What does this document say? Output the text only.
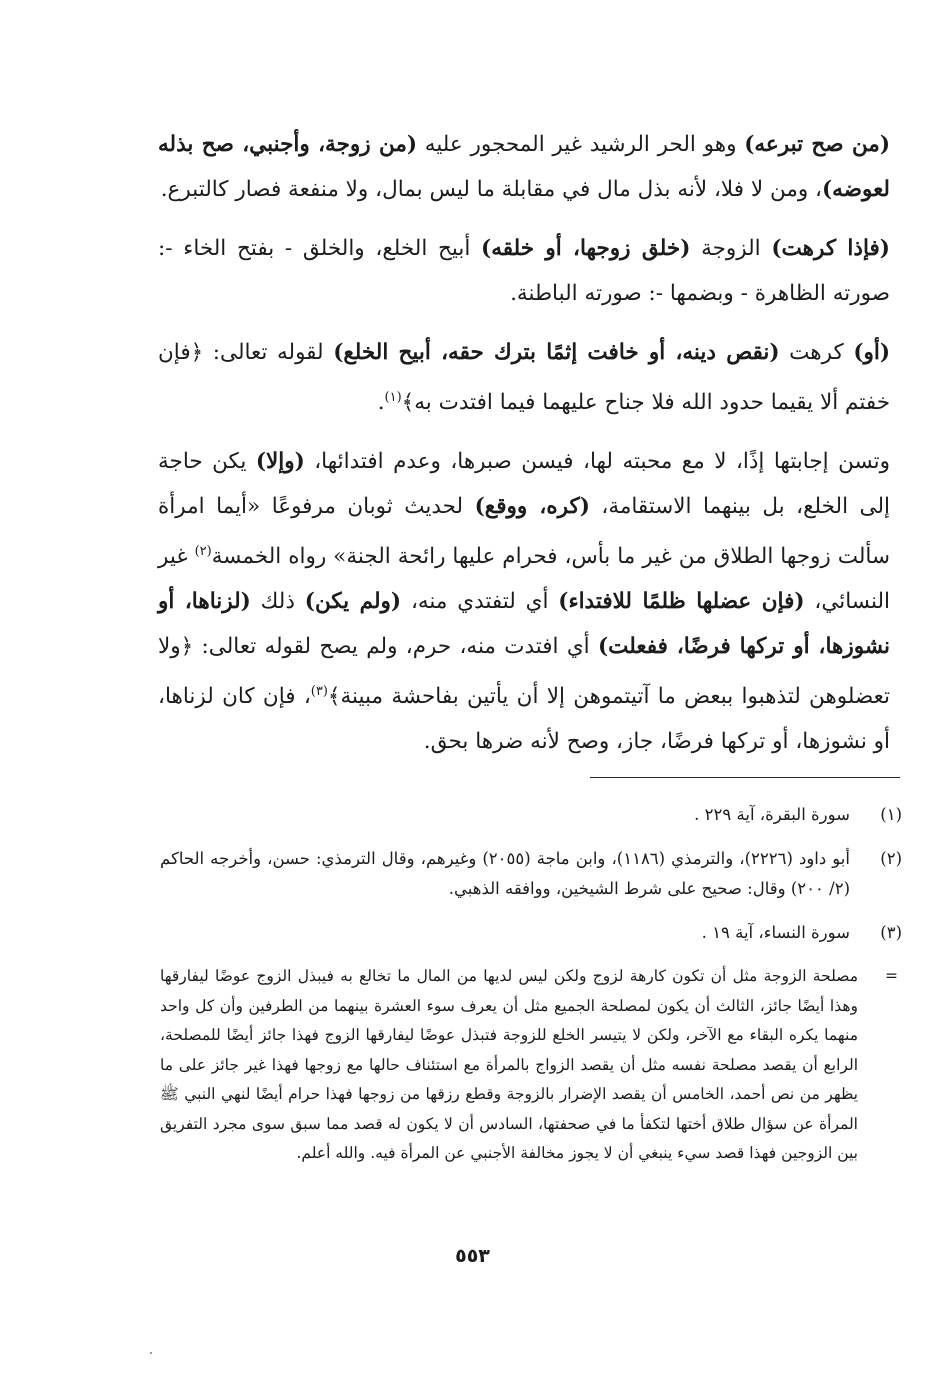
(من صح تبرعه) وهو الحر الرشيد غير المحجور عليه (من زوجة، وأجنبي، صح بذله لعوضه)، ومن لا فلا، لأنه بذل مال في مقابلة ما ليس بمال، ولا منفعة فصار كالتبرع.

(فإذا كرهت) الزوجة (خلق زوجها، أو خلقه) أبيح الخلع، والخلق - بفتح الخاء -: صورته الظاهرة - وبضمها -: صورته الباطنة.

(أو) كرهت (نقص دينه، أو خافت إثمًا بترك حقه، أبيح الخلع) لقوله تعالى: ﴿فإن خفتم ألا يقيما حدود الله فلا جناح عليهما فيما افتدت به﴾$^{(١)}$.

وتسن إجابتها إذًا، لا مع محبته لها، فيسن صبرها، وعدم افتدائها، (وإلا) يكن حاجة إلى الخلع، بل بينهما الاستقامة، (كره، ووقع) لحديث ثوبان مرفوعًا «أيما امرأة سألت زوجها الطلاق من غير ما بأس، فحرام عليها رائحة الجنة» رواه الخمسة$^{(٢)}$ غير النسائي، (فإن عضلها ظلمًا للافتداء) أي لتفتدي منه، (ولم يكن) ذلك (لزناها، أو نشوزها، أو تركها فرضًا، ففعلت) أي افتدت منه، حرم، ولم يصح لقوله تعالى: ﴿ولا تعضلوهن لتذهبوا ببعض ما آتيتموهن إلا أن يأتين بفاحشة مبينة﴾$^{(٣)}$، فإن كان لزناها، أو نشوزها، أو تركها فرضًا، جاز، وصح لأنه ضرها بحق.

(١)
سورة البقرة، آية ٢٢٩ .
(٢)
أبو داود (٢٢٢٦)، والترمذي (١١٨٦)، وابن ماجة (٢٠٥٥) وغيرهم، وقال الترمذي: حسن، وأخرجه الحاكم (٢/ ٢٠٠) وقال: صحيح على شرط الشيخين، ووافقه الذهبي.
(٣)
سورة النساء، آية ١٩ .
=
مصلحة الزوجة مثل أن تكون كارهة لزوج ولكن ليس لديها من المال ما تخالع به فيبذل الزوج عوضًا ليفارقها وهذا أيضًا جائز، الثالث أن يكون لمصلحة الجميع مثل أن يعرف سوء العشرة بينهما من الطرفين وأن كل واحد منهما يكره البقاء مع الآخر، ولكن لا يتيسر الخلع للزوجة فتبذل عوضًا ليفارقها الزوج فهذا جائز أيضًا للمصلحة، الرابع أن يقصد مصلحة نفسه مثل أن يقصد الزواج بالمرأة مع استئناف حالها مع زوجها فهذا غير جائز على ما يظهر من نص أحمد، الخامس أن يقصد الإضرار بالزوجة وقطع رزقها من زوجها فهذا حرام أيضًا لنهي النبي ﷺ المرأة عن سؤال طلاق أختها لتكفأ ما في صحفتها، السادس أن لا يكون له قصد مما سبق سوى مجرد التفريق بين الزوجين فهذا قصد سيء ينبغي أن لا يجوز مخالفة الأجنبي عن المرأة فيه. والله أعلم.
٥٥٣
